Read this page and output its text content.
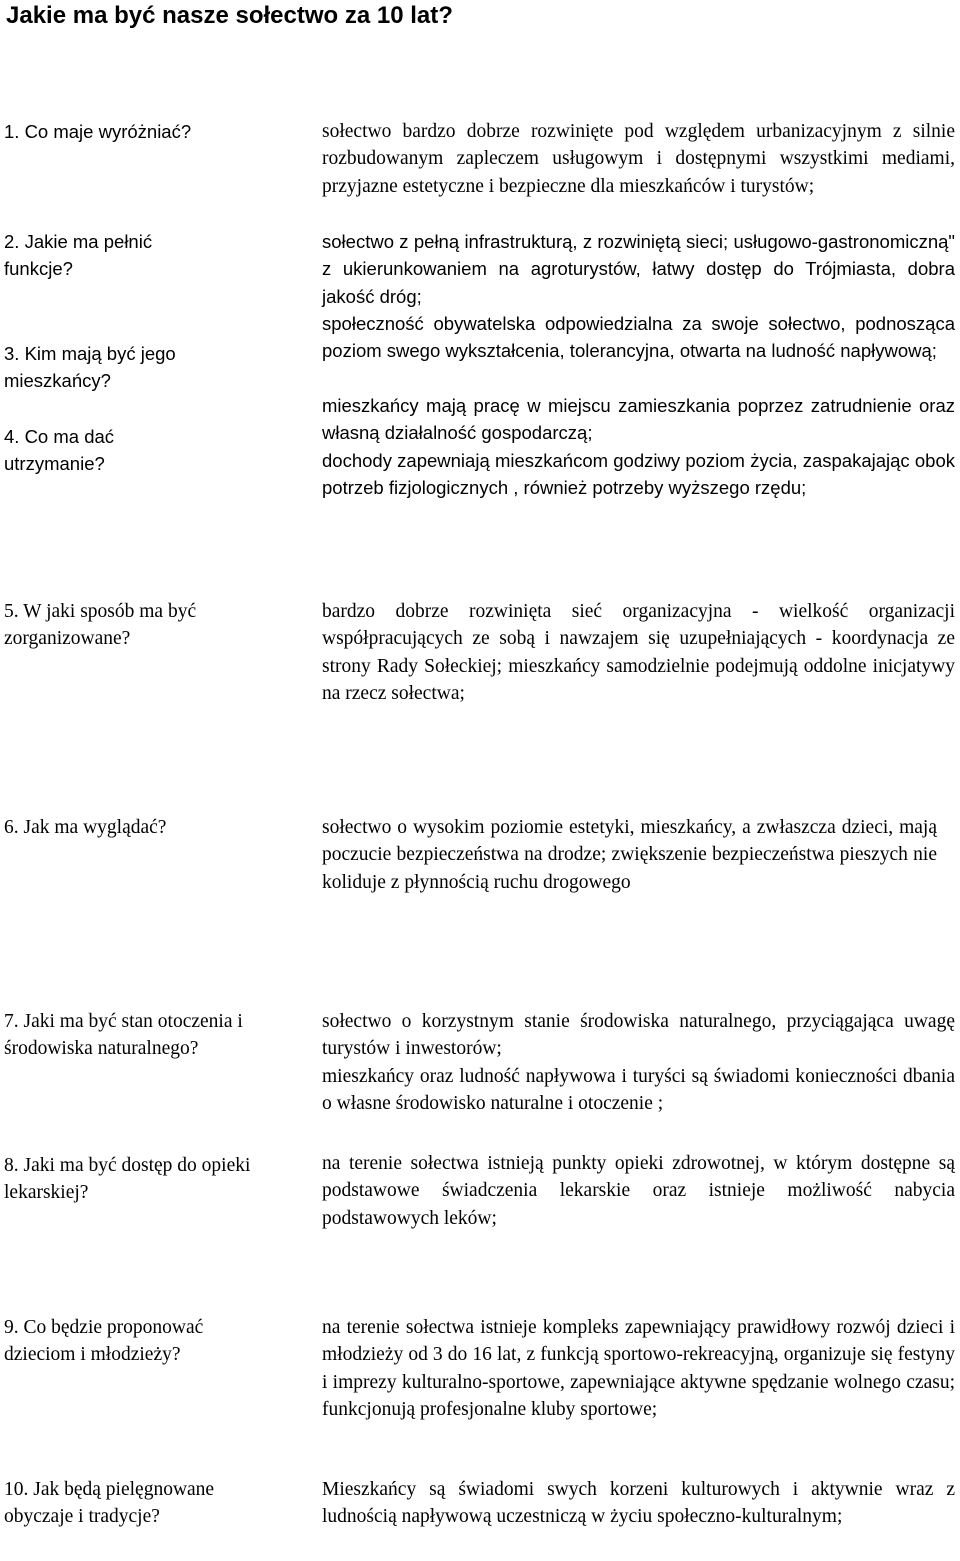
Jakie ma być nasze sołectwo za 10 lat?

1. Co maje wyróżniać?

2. Jakie ma pełnić funkcje?

3. Kim mają być jego mieszkańcy?

4. Co ma dać utrzymanie?

sołectwo bardzo dobrze rozwinięte pod względem urbanizacyjnym z silnie rozbudowanym zapleczem usługowym i dostępnymi wszystkimi mediami, przyjazne estetyczne i bezpieczne dla mieszkańców i turystów;

sołectwo z pełną infrastrukturą, z rozwiniętą sieci; usługowo-gastronomiczną" z ukierunkowaniem na agroturystów, łatwy dostęp do Trójmiasta, dobra jakość dróg;

społeczność obywatelska odpowiedzialna za swoje sołectwo, podnosząca poziom swego wykształcenia, tolerancyjna, otwarta na ludność napływową;

mieszkańcy mają pracę w miejscu zamieszkania poprzez zatrudnienie oraz własną działalność gospodarczą;

dochody zapewniają mieszkańcom godziwy poziom życia, zaspakajając obok potrzeb fizjologicznych , również potrzeby wyższego rzędu;

5. W jaki sposób ma być zorganizowane?

bardzo dobrze rozwinięta sieć organizacyjna - wielkość organizacji współpracujących ze sobą i nawzajem się uzupełniających - koordynacja ze strony Rady Sołeckiej; mieszkańcy samodzielnie podejmują oddolne inicjatywy na rzecz sołectwa;

6. Jak ma wyglądać?	sołectwo o wysokim poziomie estetyki, mieszkańcy, a zwłaszcza dzieci, mają poczucie bezpieczeństwa na drodze; zwiększenie bezpieczeństwa pieszych nie koliduje z płynnością ruchu drogowego

7. Jaki ma być stan otoczenia i środowiska naturalnego?

8. Jaki ma być dostęp do opieki lekarskiej?

sołectwo o korzystnym stanie środowiska naturalnego, przyciągająca uwagę turystów i inwestorów;

mieszkańcy oraz ludność napływowa i turyści są świadomi konieczności dbania o własne środowisko naturalne i otoczenie ;

na terenie sołectwa istnieją punkty opieki zdrowotnej, w którym dostępne są podstawowe świadczenia lekarskie oraz istnieje możliwość nabycia podstawowych leków;

9. Co będzie proponować dzieciom i młodzieży?

10. Jak będą pielęgnowane obyczaje i tradycje?

na terenie sołectwa istnieje kompleks zapewniający prawidłowy rozwój dzieci i młodzieży od 3 do 16 lat, z funkcją sportowo-rekreacyjną, organizuje się festyny i imprezy kulturalno-sportowe, zapewniające aktywne spędzanie wolnego czasu; funkcjonują profesjonalne kluby sportowe;

Mieszkańcy są świadomi swych korzeni kulturowych i aktywnie wraz z ludnością napływową uczestniczą w życiu społeczno-kulturalnym;
